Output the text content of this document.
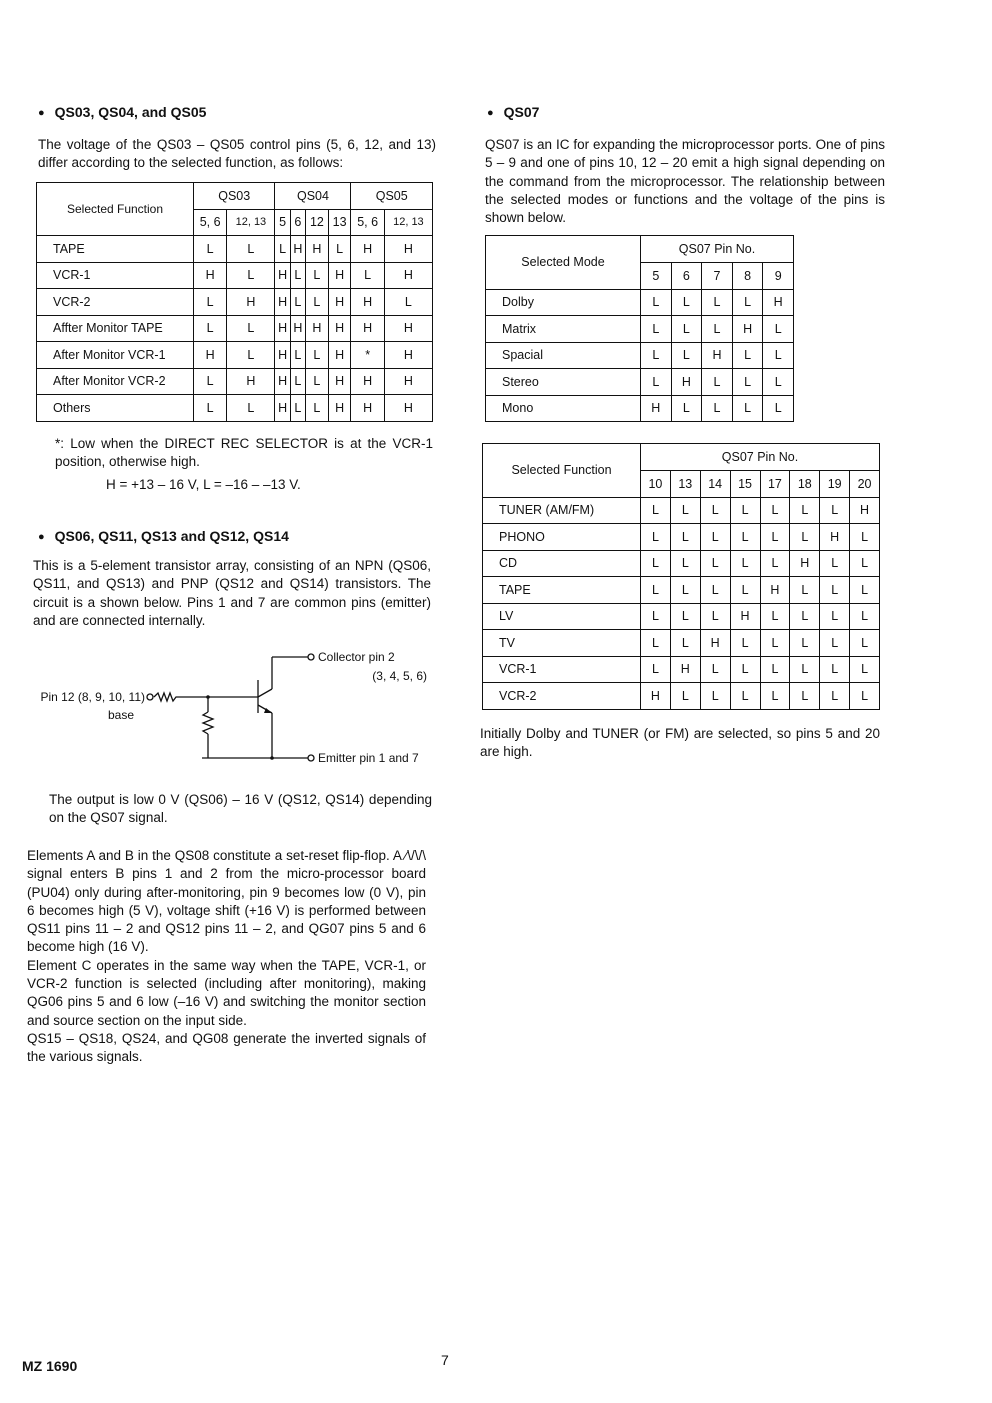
● QS03, QS04, and QS05
The voltage of the QS03 – QS05 control pins (5, 6, 12, and 13) differ according to the selected function, as follows:
Selected Function	QS03		QS04				QS05	
	5, 6	12, 13	5	6	12	13	5, 6	12, 13
TAPE	L	L	L	H	H	L	H	H
VCR-1	H	L	H	L	L	H	L	H
VCR-2	L	H	H	L	L	H	H	L
Affter Monitor TAPE	L	L	H	H	H	H	H	H
After Monitor VCR-1	H	L	H	L	L	H	*	H
After Monitor VCR-2	L	H	H	L	L	H	H	H
Others	L	L	H	L	L	H	H	H
*: Low when the DIRECT REC SELECTOR is at the VCR-1 position, otherwise high.
H = +13 – 16 V, L = –16 – –13 V.
● QS06, QS11, QS13 and QS12, QS14
This is a 5-element transistor array, consisting of an NPN (QS06, QS11, and QS13) and PNP (QS12 and QS14) transistors. The circuit is a shown below. Pins 1 and 7 are common pins (emitter) and are connected internally.
Collector pin 2
(3, 4, 5, 6)
Pin 12 (8, 9, 10, 11)
base
Emitter pin 1 and 7
The output is low 0 V (QS06) – 16 V (QS12, QS14) depending on the QS07 signal.

Elements A and B in the QS08 constitute a set-reset flip-flop. A ⁄\/\/\ signal enters B pins 1 and 2 from the micro-processor board (PU04) only during after-monitoring, pin 9 becomes low (0 V), pin 6 becomes high (5 V), voltage shift (+16 V) is performed between QS11 pins 11 – 2 and QS12 pins 11 – 2, and QG07 pins 5 and 6 become high (16 V).

Element C operates in the same way when the TAPE, VCR-1, or VCR-2 function is selected (including after monitoring), making QG06 pins 5 and 6 low (–16 V) and switching the monitor section and source section on the input side.

QS15 – QS18, QS24, and QG08 generate the inverted signals of the various signals.

● QS07
QS07 is an IC for expanding the microprocessor ports. One of pins 5 – 9 and one of pins 10, 12 – 20 emit a high signal depending on the command from the microprocessor. The relationship between the selected modes or functions and the voltage of the pins is shown below.
Selected Mode	QS07 Pin No.				
	5	6	7	8	9
Dolby	L	L	L	L	H
Matrix	L	L	L	H	L
Spacial	L	L	H	L	L
Stereo	L	H	L	L	L
Mono	H	L	L	L	L
Selected Function	QS07 Pin No.							
	10	13	14	15	17	18	19	20
TUNER (AM/FM)	L	L	L	L	L	L	L	H
PHONO	L	L	L	L	L	L	H	L
CD	L	L	L	L	L	H	L	L
TAPE	L	L	L	L	H	L	L	L
LV	L	L	L	H	L	L	L	L
TV	L	L	H	L	L	L	L	L
VCR-1	L	H	L	L	L	L	L	L
VCR-2	H	L	L	L	L	L	L	L
Initially Dolby and TUNER (or FM) are selected, so pins 5 and 20 are high.
MZ 1690	7
